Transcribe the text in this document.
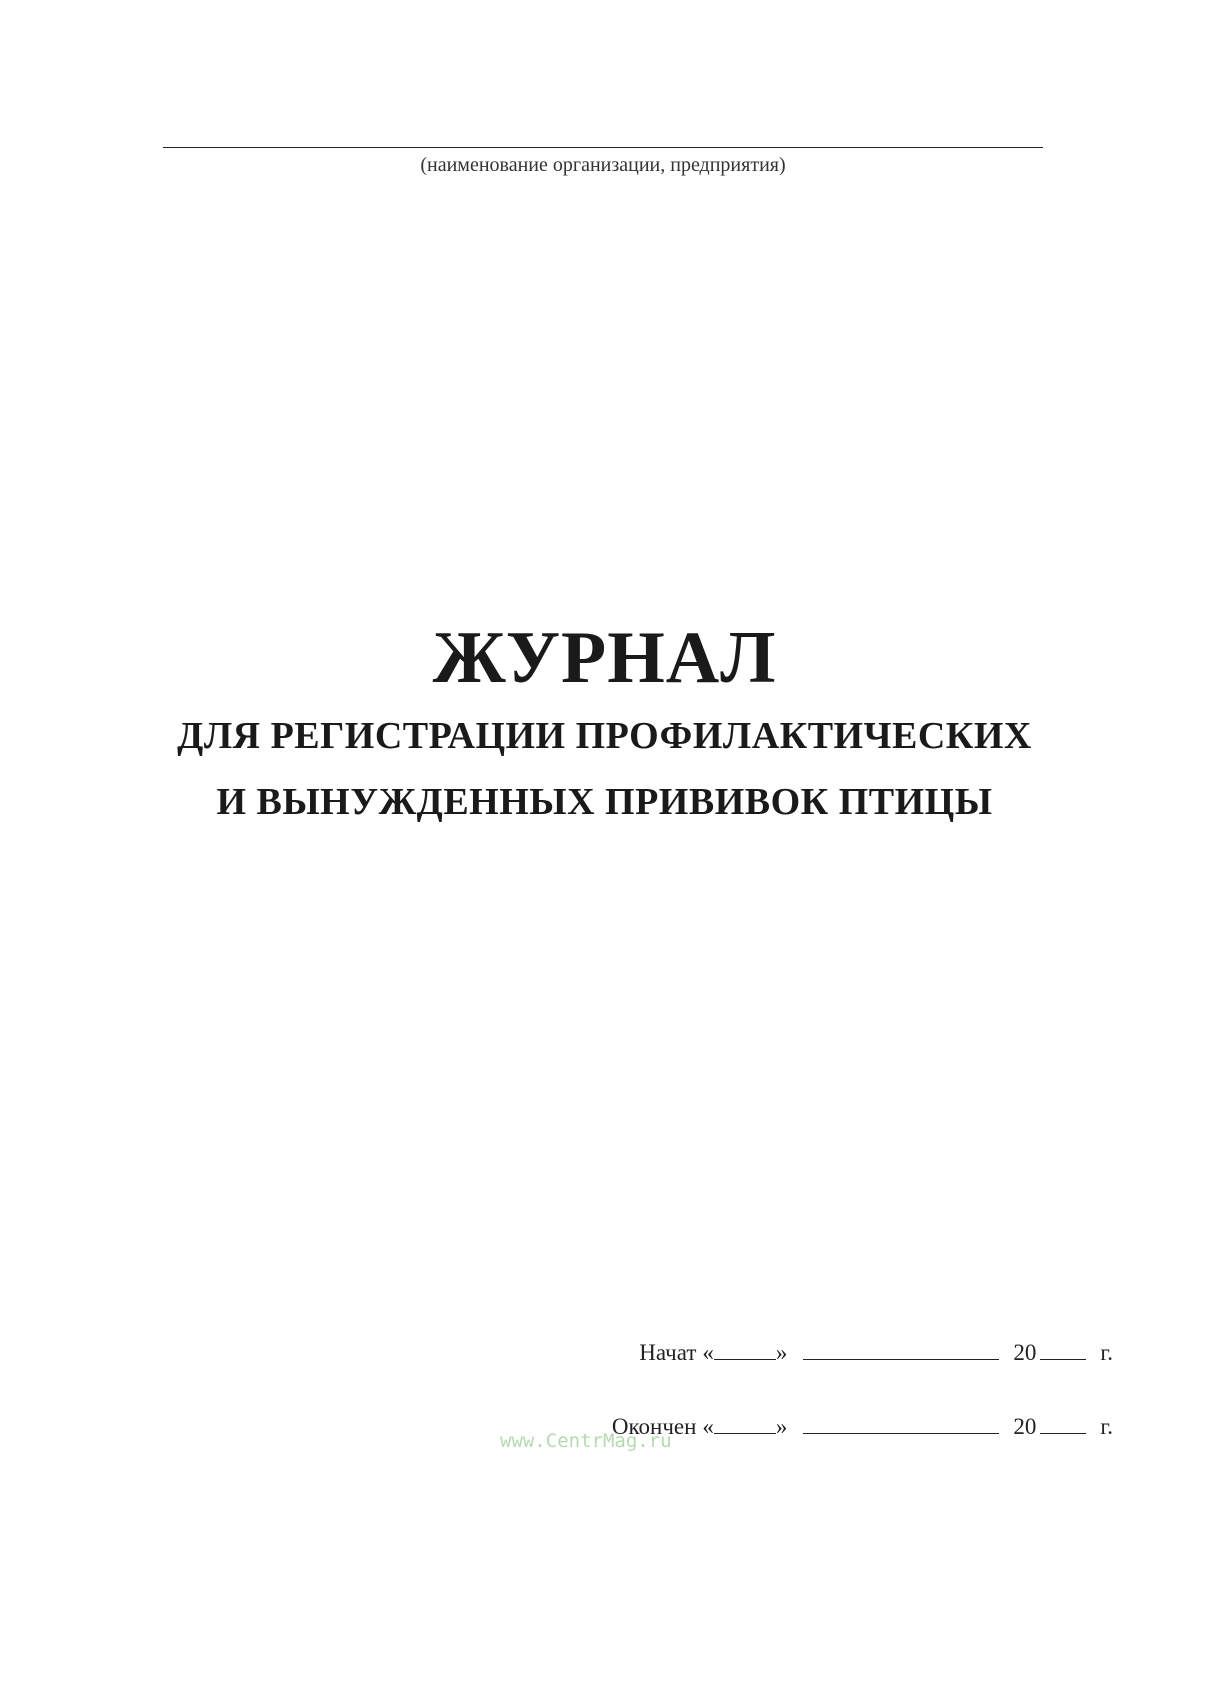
(наименование организации, предприятия)
ЖУРНАЛ
ДЛЯ РЕГИСТРАЦИИ ПРОФИЛАКТИЧЕСКИХ
И ВЫНУЖДЕННЫХ ПРИВИВОК ПТИЦЫ
Начат «	»	20	г.
Окончен «	»	20	г.
www.CentrMag.ru
